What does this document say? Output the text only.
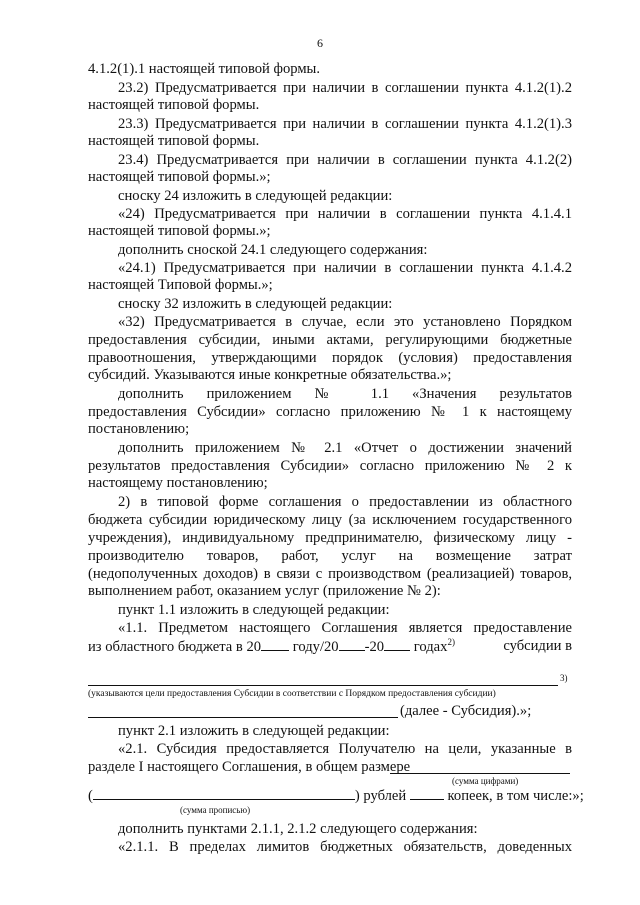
6
4.1.2(1).1 настоящей типовой формы.
23.2) Предусматривается при наличии в соглашении пункта 4.1.2(1).2
настоящей типовой формы.
23.3) Предусматривается при наличии в соглашении пункта 4.1.2(1).3
настоящей типовой формы.
23.4) Предусматривается при наличии в соглашении пункта 4.1.2(2)
настоящей типовой формы.»;
сноску 24 изложить в следующей редакции:
«24) Предусматривается при наличии в соглашении пункта 4.1.4.1
настоящей типовой формы.»;
дополнить сноской 24.1 следующего содержания:
«24.1) Предусматривается при наличии в соглашении пункта 4.1.4.2
настоящей Типовой формы.»;
сноску 32 изложить в следующей редакции:
«32) Предусматривается в случае, если это установлено Порядком
предоставления субсидии, иными актами, регулирующими бюджетные
правоотношения, утверждающими порядок (условия) предоставления
субсидий. Указываются иные конкретные обязательства.»;
дополнить приложением № 1.1 «Значения результатов
предоставления Субсидии» согласно приложению № 1 к настоящему
постановлению;
дополнить приложением № 2.1 «Отчет о достижении значений
результатов предоставления Субсидии» согласно приложению № 2 к
настоящему постановлению;
2) в типовой форме соглашения о предоставлении из областного
бюджета субсидии юридическому лицу (за исключением государственного
учреждения), индивидуальному предпринимателю, физическому лицу -
производителю товаров, работ, услуг на возмещение затрат
(недополученных доходов) в связи с производством (реализацией) товаров,
выполнением работ, оказанием услуг (приложение № 2):
пункт 1.1 изложить в следующей редакции:
«1.1. Предметом настоящего Соглашения является предоставление
из областного бюджета в 20 году/20 -20 годах$^{2)}$	субсидии в
3)
(указываются цели предоставления Субсидии в соответствии с Порядком предоставления субсидии)
(далее - Субсидия).»;
пункт 2.1 изложить в следующей редакции:
«2.1. Субсидия предоставляется Получателю на цели, указанные в
разделе I настоящего Соглашения, в общем размере
(сумма цифрами)
(	) рублей	копеек, в том числе:»;
(сумма прописью)
дополнить пунктами 2.1.1, 2.1.2 следующего содержания:
«2.1.1. В пределах лимитов бюджетных обязательств, доведенных
